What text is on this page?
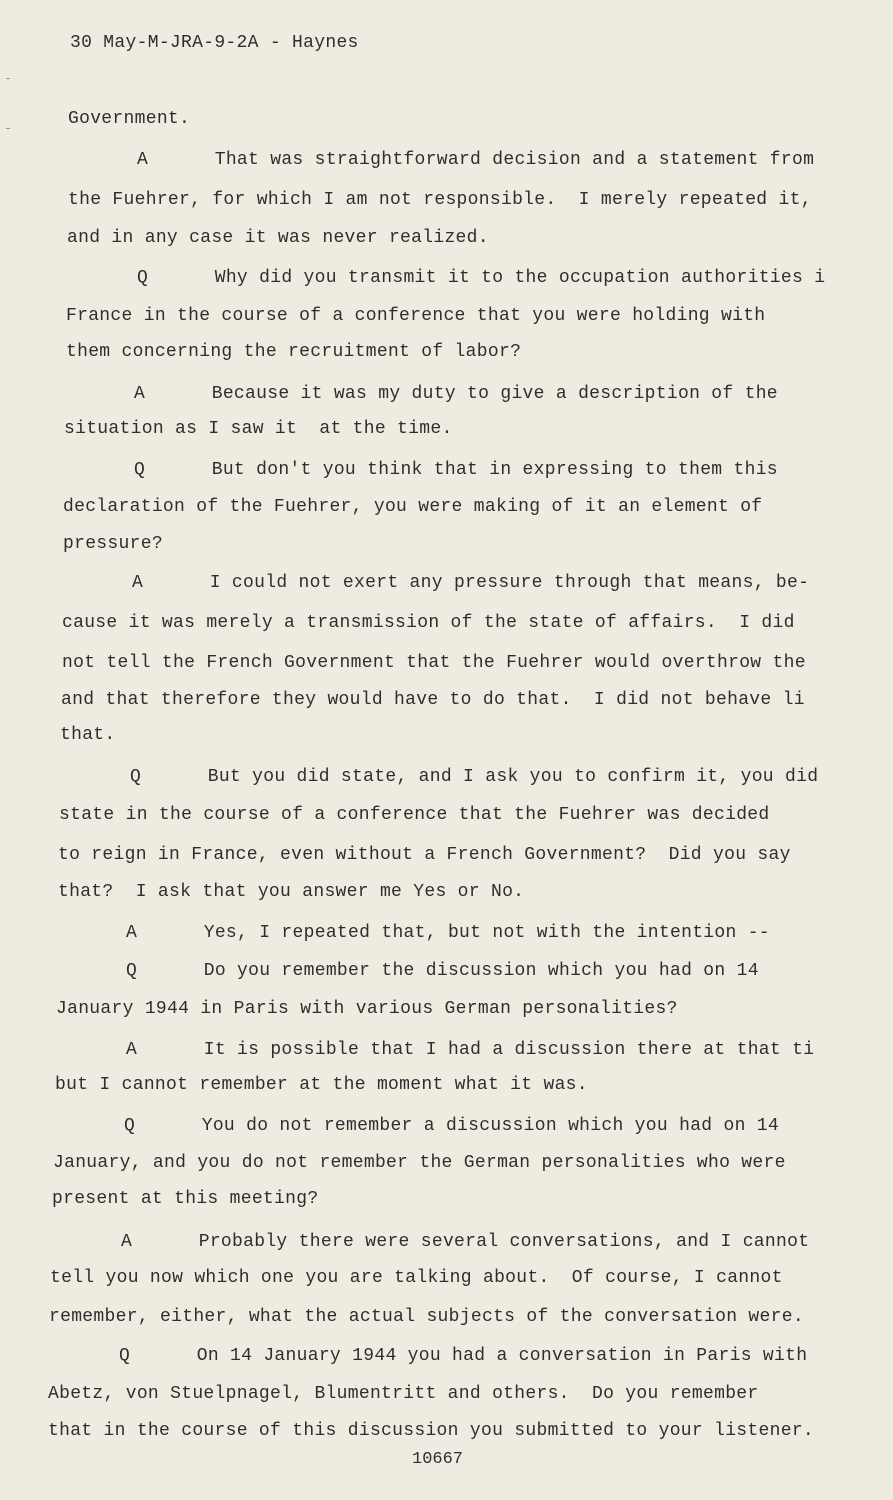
30 May-M-JRA-9-2A - Haynes
Government.
A      That was straightforward decision and a statement from
the Fuehrer, for which I am not responsible.  I merely repeated it,
and in any case it was never realized.
Q      Why did you transmit it to the occupation authorities i
France in the course of a conference that you were holding with
them concerning the recruitment of labor?
A      Because it was my duty to give a description of the
situation as I saw it  at the time.
Q      But don't you think that in expressing to them this
declaration of the Fuehrer, you were making of it an element of
pressure?
A      I could not exert any pressure through that means, be-
cause it was merely a transmission of the state of affairs.  I did
not tell the French Government that the Fuehrer would overthrow the
and that therefore they would have to do that.  I did not behave li
that.
Q      But you did state, and I ask you to confirm it, you did
state in the course of a conference that the Fuehrer was decided
to reign in France, even without a French Government?  Did you say
that?  I ask that you answer me Yes or No.
A      Yes, I repeated that, but not with the intention --
Q      Do you remember the discussion which you had on 14
January 1944 in Paris with various German personalities?
A      It is possible that I had a discussion there at that ti
but I cannot remember at the moment what it was.
Q      You do not remember a discussion which you had on 14
January, and you do not remember the German personalities who were
present at this meeting?
A      Probably there were several conversations, and I cannot
tell you now which one you are talking about.  Of course, I cannot
remember, either, what the actual subjects of the conversation were.
Q      On 14 January 1944 you had a conversation in Paris with
Abetz, von Stuelpnagel, Blumentritt and others.  Do you remember
that in the course of this discussion you submitted to your listener.
10667
